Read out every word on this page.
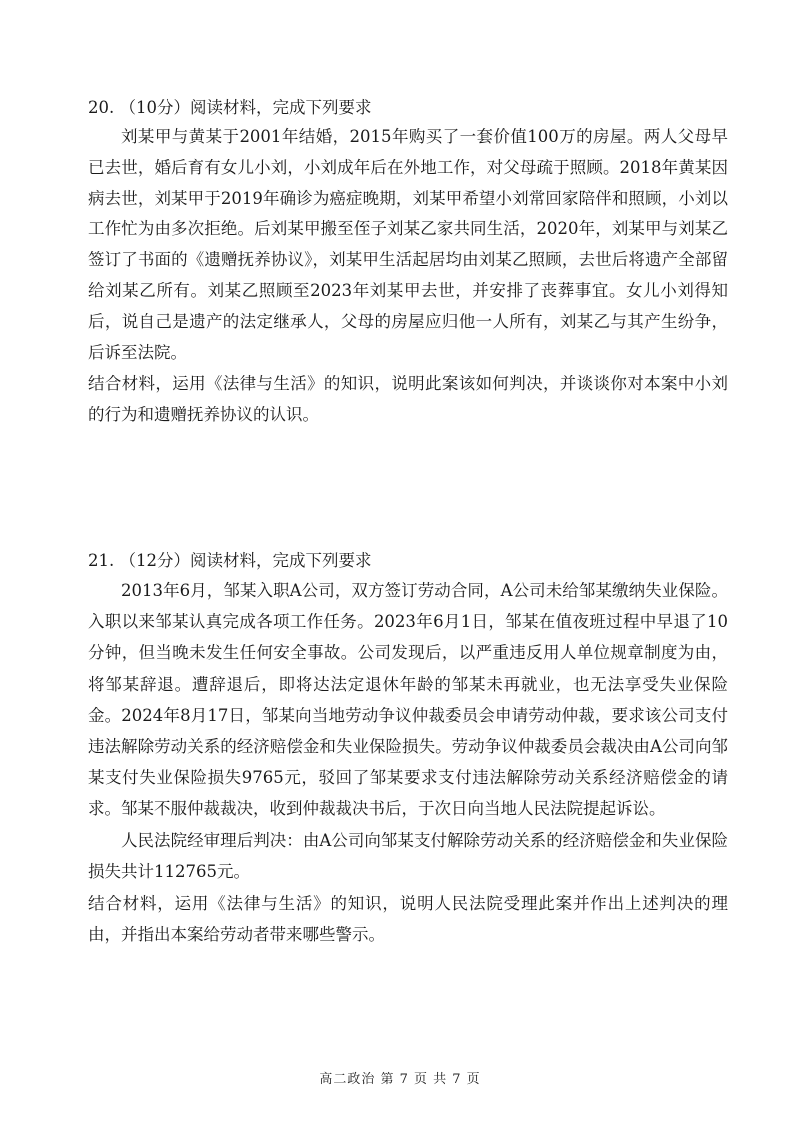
20. （10分）阅读材料，完成下列要求

刘某甲与黄某于2001年结婚，2015年购买了一套价值100万的房屋。两人父母早已去世，婚后育有女儿小刘，小刘成年后在外地工作，对父母疏于照顾。2018年黄某因病去世，刘某甲于2019年确诊为癌症晚期，刘某甲希望小刘常回家陪伴和照顾，小刘以工作忙为由多次拒绝。后刘某甲搬至侄子刘某乙家共同生活，2020年，刘某甲与刘某乙签订了书面的《遗赠抚养协议》，刘某甲生活起居均由刘某乙照顾，去世后将遗产全部留给刘某乙所有。刘某乙照顾至2023年刘某甲去世，并安排了丧葬事宜。女儿小刘得知后，说自己是遗产的法定继承人，父母的房屋应归他一人所有，刘某乙与其产生纷争，后诉至法院。

结合材料，运用《法律与生活》的知识，说明此案该如何判决，并谈谈你对本案中小刘的行为和遗赠抚养协议的认识。

21. （12分）阅读材料，完成下列要求

2013年6月，邹某入职A公司，双方签订劳动合同，A公司未给邹某缴纳失业保险。入职以来邹某认真完成各项工作任务。2023年6月1日，邹某在值夜班过程中早退了10分钟，但当晚未发生任何安全事故。公司发现后，以严重违反用人单位规章制度为由，将邹某辞退。遭辞退后，即将达法定退休年龄的邹某未再就业，也无法享受失业保险金。2024年8月17日，邹某向当地劳动争议仲裁委员会申请劳动仲裁，要求该公司支付违法解除劳动关系的经济赔偿金和失业保险损失。劳动争议仲裁委员会裁决由A公司向邹某支付失业保险损失9765元，驳回了邹某要求支付违法解除劳动关系经济赔偿金的请求。邹某不服仲裁裁决，收到仲裁裁决书后，于次日向当地人民法院提起诉讼。

人民法院经审理后判决：由A公司向邹某支付解除劳动关系的经济赔偿金和失业保险损失共计112765元。

结合材料，运用《法律与生活》的知识，说明人民法院受理此案并作出上述判决的理由，并指出本案给劳动者带来哪些警示。

高二政治 第 7 页 共 7 页
